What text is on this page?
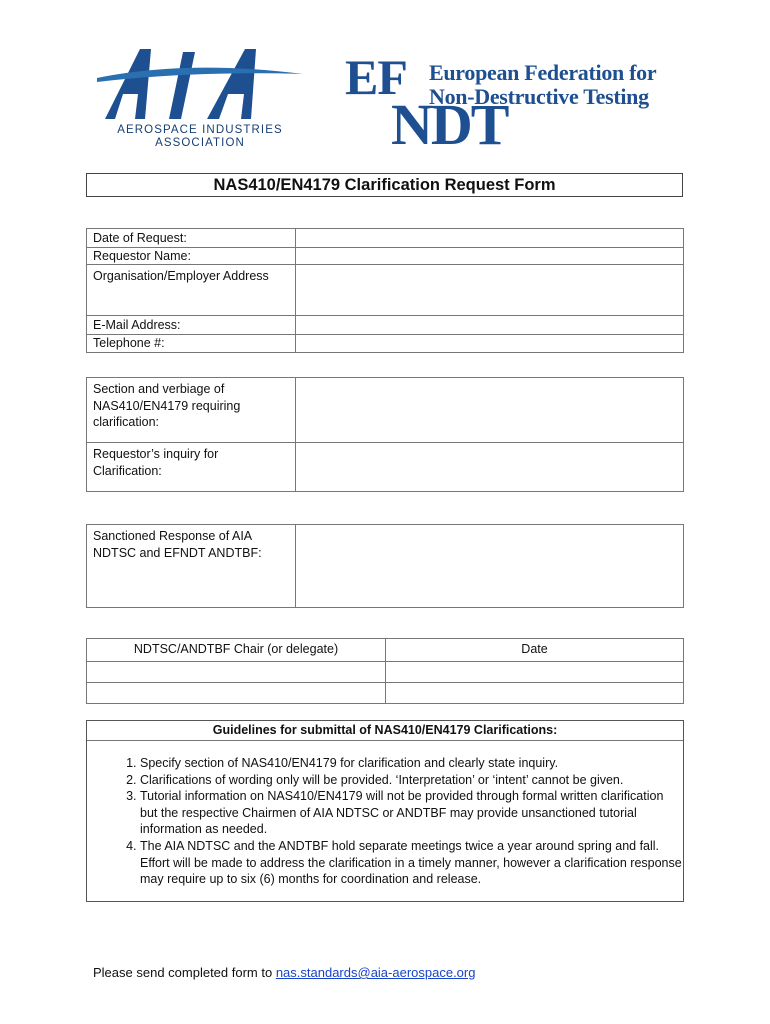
AEROSPACE INDUSTRIES
ASSOCIATION
EF European Federation for
Non-Destructive Testing
NDT
NAS410/EN4179 Clarification Request Form
Date of Request:	
Requestor Name:	
Organisation/Employer Address	
E-Mail Address:	
Telephone #:	
Section and verbiage of NAS410/EN4179 requiring clarification:	
Requestor’s inquiry for Clarification:	
Sanctioned Response of AIA NDTSC and EFNDT ANDTBF:	
NDTSC/ANDTBF Chair (or delegate)	Date

Guidelines for submittal of NAS410/EN4179 Clarifications:
1. Specify section of NAS410/EN4179 for clarification and clearly state inquiry.
2. Clarifications of wording only will be provided. ‘Interpretation’ or ‘intent’ cannot be given.
3. Tutorial information on NAS410/EN4179 will not be provided through formal written clarification but the respective Chairmen of AIA NDTSC or ANDTBF may provide unsanctioned tutorial information as needed.
4. The AIA NDTSC and the ANDTBF hold separate meetings twice a year around spring and fall. Effort will be made to address the clarification in a timely manner, however a clarification response may require up to six (6) months for coordination and release.
Please send completed form to nas.standards@aia-aerospace.org
